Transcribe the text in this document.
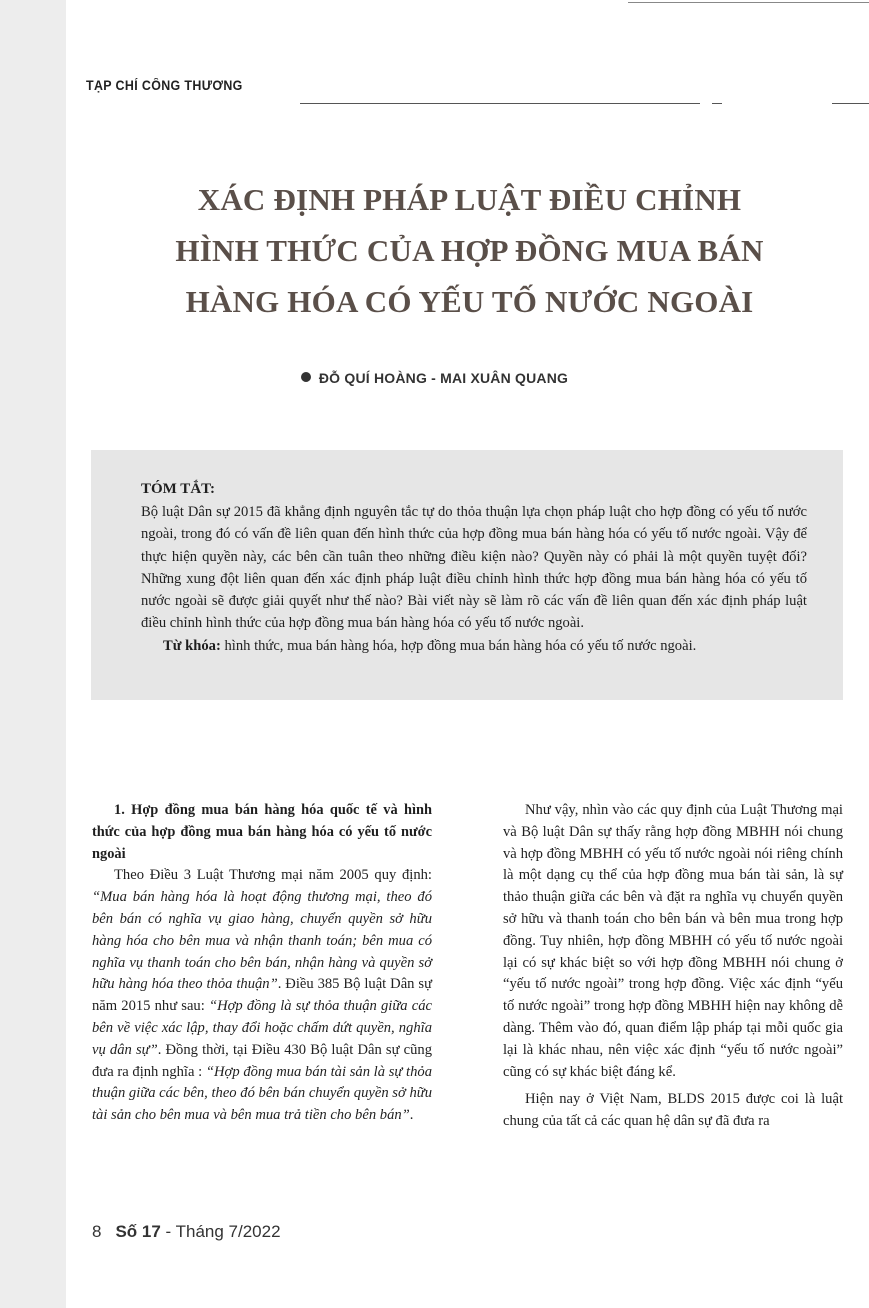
TẠP CHÍ CÔNG THƯƠNG
XÁC ĐỊNH PHÁP LUẬT ĐIỀU CHỈNH
HÌNH THỨC CỦA HỢP ĐỒNG MUA BÁN
HÀNG HÓA CÓ YẾU TỐ NƯỚC NGOÀI
ĐỖ QUÍ HOÀNG - MAI XUÂN QUANG
TÓM TẮT:

Bộ luật Dân sự 2015 đã khẳng định nguyên tắc tự do thỏa thuận lựa chọn pháp luật cho hợp đồng có yếu tố nước ngoài, trong đó có vấn đề liên quan đến hình thức của hợp đồng mua bán hàng hóa có yếu tố nước ngoài. Vậy để thực hiện quyền này, các bên cần tuân theo những điều kiện nào? Quyền này có phải là một quyền tuyệt đối? Những xung đột liên quan đến xác định pháp luật điều chỉnh hình thức hợp đồng mua bán hàng hóa có yếu tố nước ngoài sẽ được giải quyết như thế nào? Bài viết này sẽ làm rõ các vấn đề liên quan đến xác định pháp luật điều chỉnh hình thức của hợp đồng mua bán hàng hóa có yếu tố nước ngoài.

Từ khóa: hình thức, mua bán hàng hóa, hợp đồng mua bán hàng hóa có yếu tố nước ngoài.

1. Hợp đồng mua bán hàng hóa quốc tế và hình thức của hợp đồng mua bán hàng hóa có yếu tố nước ngoài

Theo Điều 3 Luật Thương mại năm 2005 quy định: “Mua bán hàng hóa là hoạt động thương mại, theo đó bên bán có nghĩa vụ giao hàng, chuyển quyền sở hữu hàng hóa cho bên mua và nhận thanh toán; bên mua có nghĩa vụ thanh toán cho bên bán, nhận hàng và quyền sở hữu hàng hóa theo thỏa thuận”. Điều 385 Bộ luật Dân sự năm 2015 như sau: “Hợp đồng là sự thỏa thuận giữa các bên về việc xác lập, thay đổi hoặc chấm dứt quyền, nghĩa vụ dân sự”. Đồng thời, tại Điều 430 Bộ luật Dân sự cũng đưa ra định nghĩa : “Hợp đồng mua bán tài sản là sự thỏa thuận giữa các bên, theo đó bên bán chuyển quyền sở hữu tài sản cho bên mua và bên mua trả tiền cho bên bán”.

Như vậy, nhìn vào các quy định của Luật Thương mại và Bộ luật Dân sự thấy rằng hợp đồng MBHH nói chung và hợp đồng MBHH có yếu tố nước ngoài nói riêng chính là một dạng cụ thể của hợp đồng mua bán tài sản, là sự thảo thuận giữa các bên và đặt ra nghĩa vụ chuyển quyền sở hữu và thanh toán cho bên bán và bên mua trong hợp đồng. Tuy nhiên, hợp đồng MBHH có yếu tố nước ngoài lại có sự khác biệt so với hợp đồng MBHH nói chung ở “yếu tố nước ngoài” trong hợp đồng. Việc xác định “yếu tố nước ngoài” trong hợp đồng MBHH hiện nay không dễ dàng. Thêm vào đó, quan điểm lập pháp tại mỗi quốc gia lại là khác nhau, nên việc xác định “yếu tố nước ngoài” cũng có sự khác biệt đáng kể.

Hiện nay ở Việt Nam, BLDS 2015 được coi là luật chung của tất cả các quan hệ dân sự đã đưa ra

8 Số 17 - Tháng 7/2022
